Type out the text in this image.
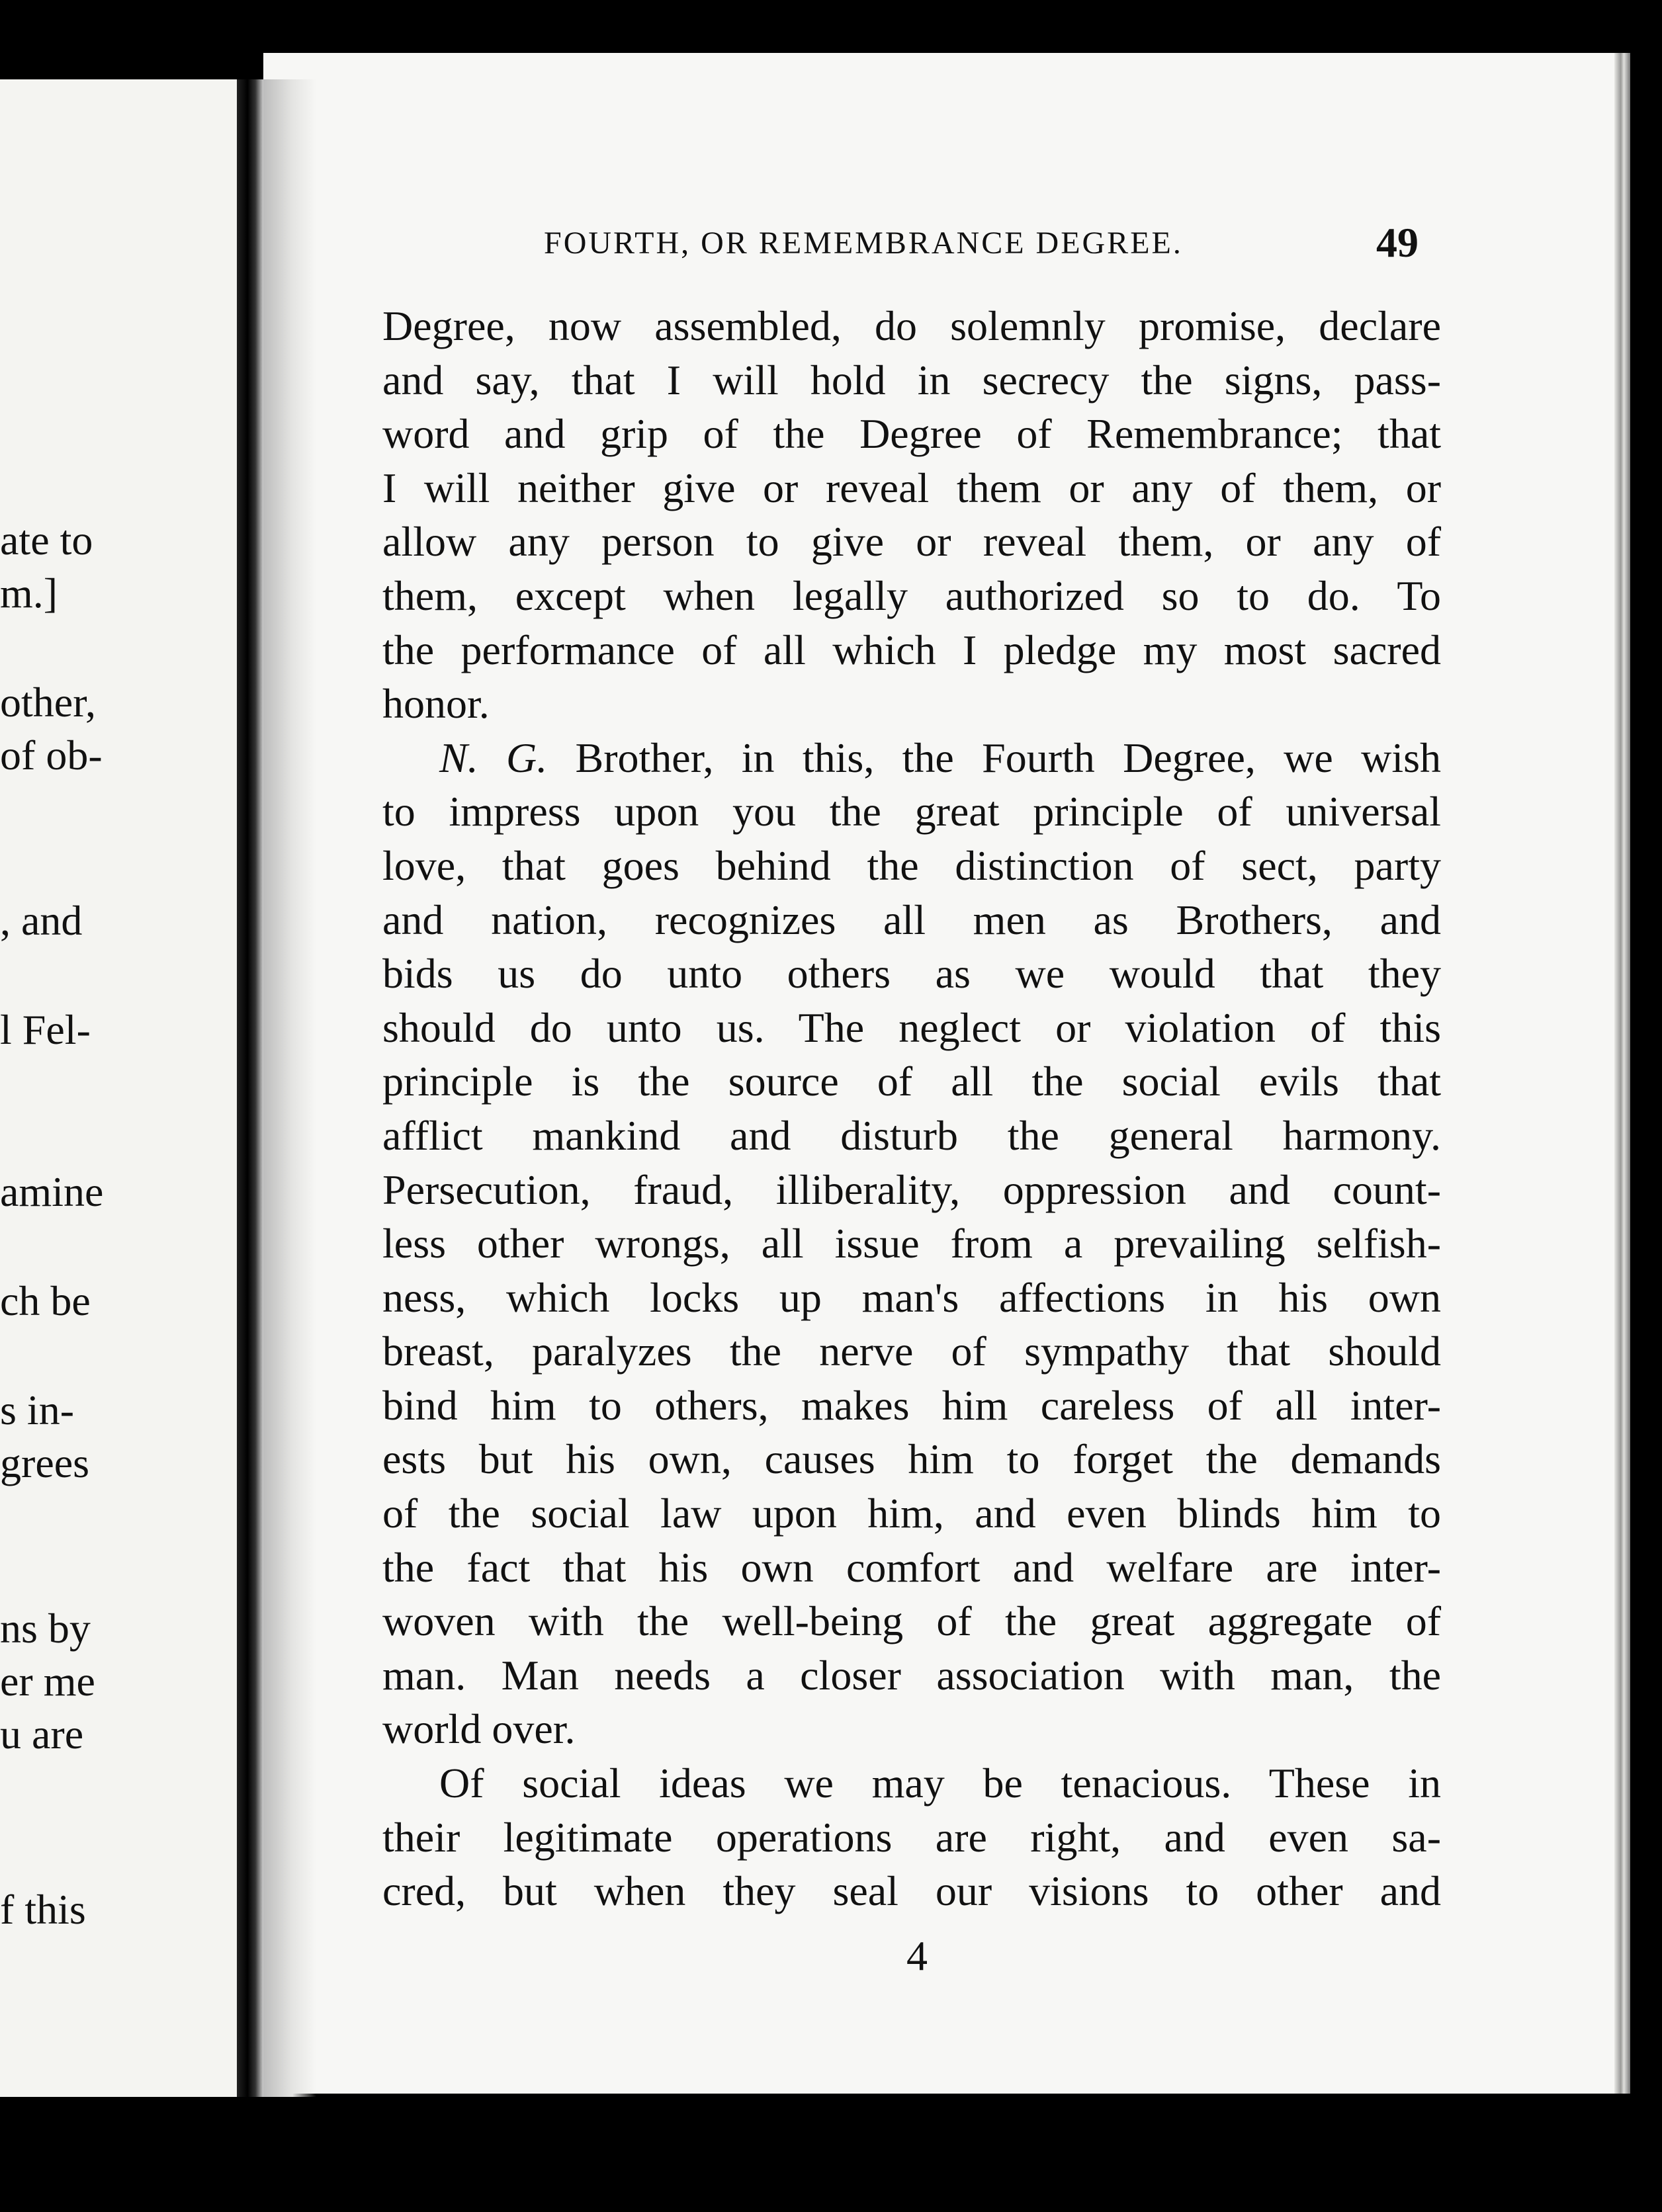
ate to
m.]
other,
of ob-
, and
l Fel-
amine
ch be
s in-
grees
ns by
er me
u are
f this
FOURTH, OR REMEMBRANCE DEGREE.	49
Degree, now assembled, do solemnly promise, declare
and say, that I will hold in secrecy the signs, pass-
word and grip of the Degree of Remembrance; that
I will neither give or reveal them or any of them, or
allow any person to give or reveal them, or any of
them, except when legally authorized so to do. To
the performance of all which I pledge my most sacred
honor.
N. G. Brother, in this, the Fourth Degree, we wish
to impress upon you the great principle of universal
love, that goes behind the distinction of sect, party
and nation, recognizes all men as Brothers, and
bids us do unto others as we would that they
should do unto us. The neglect or violation of this
principle is the source of all the social evils that
afflict mankind and disturb the general harmony.
Persecution, fraud, illiberality, oppression and count-
less other wrongs, all issue from a prevailing selfish-
ness, which locks up man's affections in his own
breast, paralyzes the nerve of sympathy that should
bind him to others, makes him careless of all inter-
ests but his own, causes him to forget the demands
of the social law upon him, and even blinds him to
the fact that his own comfort and welfare are inter-
woven with the well-being of the great aggregate of
man. Man needs a closer association with man, the
world over.
Of social ideas we may be tenacious. These in
their legitimate operations are right, and even sa-
cred, but when they seal our visions to other and
4
